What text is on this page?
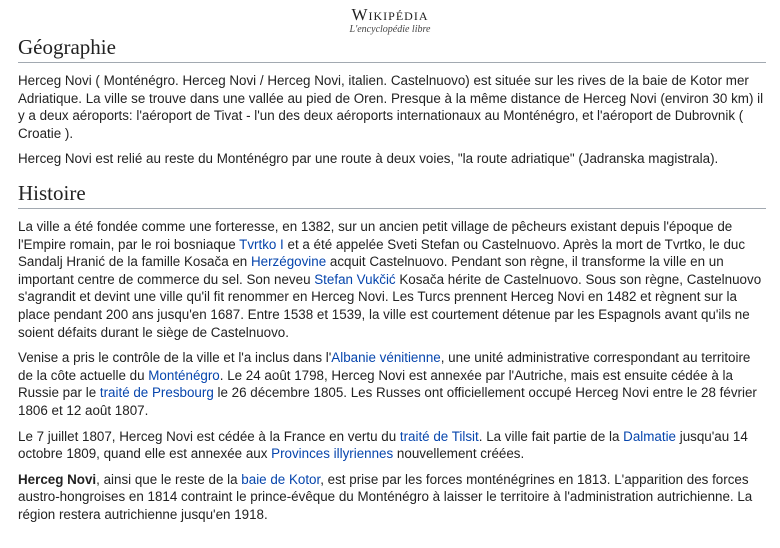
Wikipédia
L'encyclopédie libre
Géographie

Herceg Novi ( Monténégro. Herceg Novi / Herceg Novi, italien. Castelnuovo) est située sur les rives de la baie de Kotor mer Adriatique. La ville se trouve dans une vallée au pied de Oren. Presque à la même distance de Herceg Novi (environ 30 km) il y a deux aéroports: l'aéroport de Tivat - l'un des deux aéroports internationaux au Monténégro, et l'aéroport de Dubrovnik ( Croatie ).

Herceg Novi est relié au reste du Monténégro par une route à deux voies, "la route adriatique" (Jadranska magistrala).

Histoire

La ville a été fondée comme une forteresse, en 1382, sur un ancien petit village de pêcheurs existant depuis l'époque de l'Empire romain, par le roi bosniaque Tvrtko I et a été appelée Sveti Stefan ou Castelnuovo. Après la mort de Tvrtko, le duc Sandalj Hranić de la famille Kosača en Herzégovine acquit Castelnuovo. Pendant son règne, il transforme la ville en un important centre de commerce du sel. Son neveu Stefan Vukčić Kosača hérite de Castelnuovo. Sous son règne, Castelnuovo s'agrandit et devint une ville qu'il fit renommer en Herceg Novi. Les Turcs prennent Herceg Novi en 1482 et règnent sur la place pendant 200 ans jusqu'en 1687. Entre 1538 et 1539, la ville est courtement détenue par les Espagnols avant qu'ils ne soient défaits durant le siège de Castelnuovo.

Venise a pris le contrôle de la ville et l'a inclus dans l'Albanie vénitienne, une unité administrative correspondant au territoire de la côte actuelle du Monténégro. Le 24 août 1798, Herceg Novi est annexée par l'Autriche, mais est ensuite cédée à la Russie par le traité de Presbourg le 26 décembre 1805. Les Russes ont officiellement occupé Herceg Novi entre le 28 février 1806 et 12 août 1807.

Le 7 juillet 1807, Herceg Novi est cédée à la France en vertu du traité de Tilsit. La ville fait partie de la Dalmatie jusqu'au 14 octobre 1809, quand elle est annexée aux Provinces illyriennes nouvellement créées.

Herceg Novi, ainsi que le reste de la baie de Kotor, est prise par les forces monténégrines en 1813. L'apparition des forces austro-hongroises en 1814 contraint le prince-évêque du Monténégro à laisser le territoire à l'administration autrichienne. La région restera autrichienne jusqu'en 1918.
